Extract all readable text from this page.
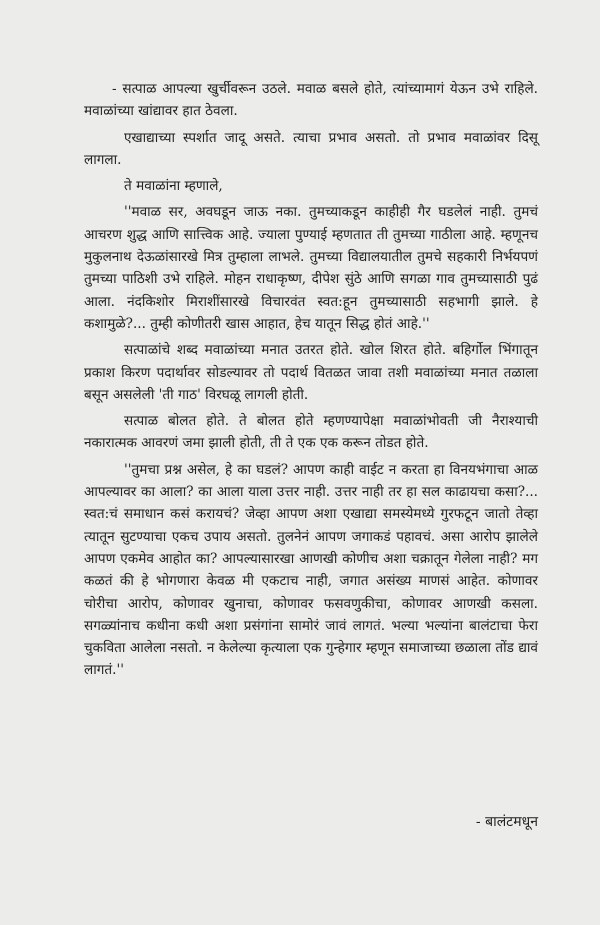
- सत्पाळ आपल्या खुर्चीवरून उठले. मवाळ बसले होते, त्यांच्यामागं येऊन उभे राहिले. मवाळांच्या खांद्यावर हात ठेवला.

एखाद्याच्या स्पर्शात जादू असते. त्याचा प्रभाव असतो. तो प्रभाव मवाळांवर दिसू लागला.

ते मवाळांना म्हणाले,

''मवाळ सर, अवघडून जाऊ नका. तुमच्याकडून काहीही गैर घडलेलं नाही. तुमचं आचरण शुद्ध आणि सात्त्विक आहे. ज्याला पुण्याई म्हणतात ती तुमच्या गाठीला आहे. म्हणूनच मुकुलनाथ देऊळांसारखे मित्र तुम्हाला लाभले. तुमच्या विद्यालयातील तुमचे सहकारी निर्भयपणं तुमच्या पाठिशी उभे राहिले. मोहन राधाकृष्ण, दीपेश सुंठे आणि सगळा गाव तुमच्यासाठी पुढं आला. नंदकिशोर मिराशींसारखे विचारवंत स्वत:हून तुमच्यासाठी सहभागी झाले. हे कशामुळे?... तुम्ही कोणीतरी खास आहात, हेच यातून सिद्ध होतं आहे.''

सत्पाळांचे शब्द मवाळांच्या मनात उतरत होते. खोल शिरत होते. बहिर्गोल भिंगातून प्रकाश किरण पदार्थावर सोडल्यावर तो पदार्थ वितळत जावा तशी मवाळांच्या मनात तळाला बसून असलेली 'ती गाठ' विरघळू लागली होती.

सत्पाळ बोलत होते. ते बोलत होते म्हणण्यापेक्षा मवाळांभोवती जी नैराश्याची नकारात्मक आवरणं जमा झाली होती, ती ते एक एक करून तोडत होते.

''तुमचा प्रश्न असेल, हे का घडलं? आपण काही वाईट न करता हा विनयभंगाचा आळ आपल्यावर का आला? का आला याला उत्तर नाही. उत्तर नाही तर हा सल काढायचा कसा?... स्वत:चं समाधान कसं करायचं? जेव्हा आपण अशा एखाद्या समस्येमध्ये गुरफटून जातो तेव्हा त्यातून सुटण्याचा एकच उपाय असतो. तुलनेनं आपण जगाकडं पहावचं. असा आरोप झालेले आपण एकमेव आहोत का? आपल्यासारखा आणखी कोणीच अशा चक्रातून गेलेला नाही? मग कळतं की हे भोगणारा केवळ मी एकटाच नाही, जगात असंख्य माणसं आहेत. कोणावर चोरीचा आरोप, कोणावर खुनाचा, कोणावर फसवणुकीचा, कोणावर आणखी कसला. सगळ्यांनाच कधीना कधी अशा प्रसंगांना सामोरं जावं लागतं. भल्या भल्यांना बालंटाचा फेरा चुकविता आलेला नसतो. न केलेल्या कृत्याला एक गुन्हेगार म्हणून समाजाच्या छळाला तोंड द्यावं लागतं.''

- बालंटमधून
